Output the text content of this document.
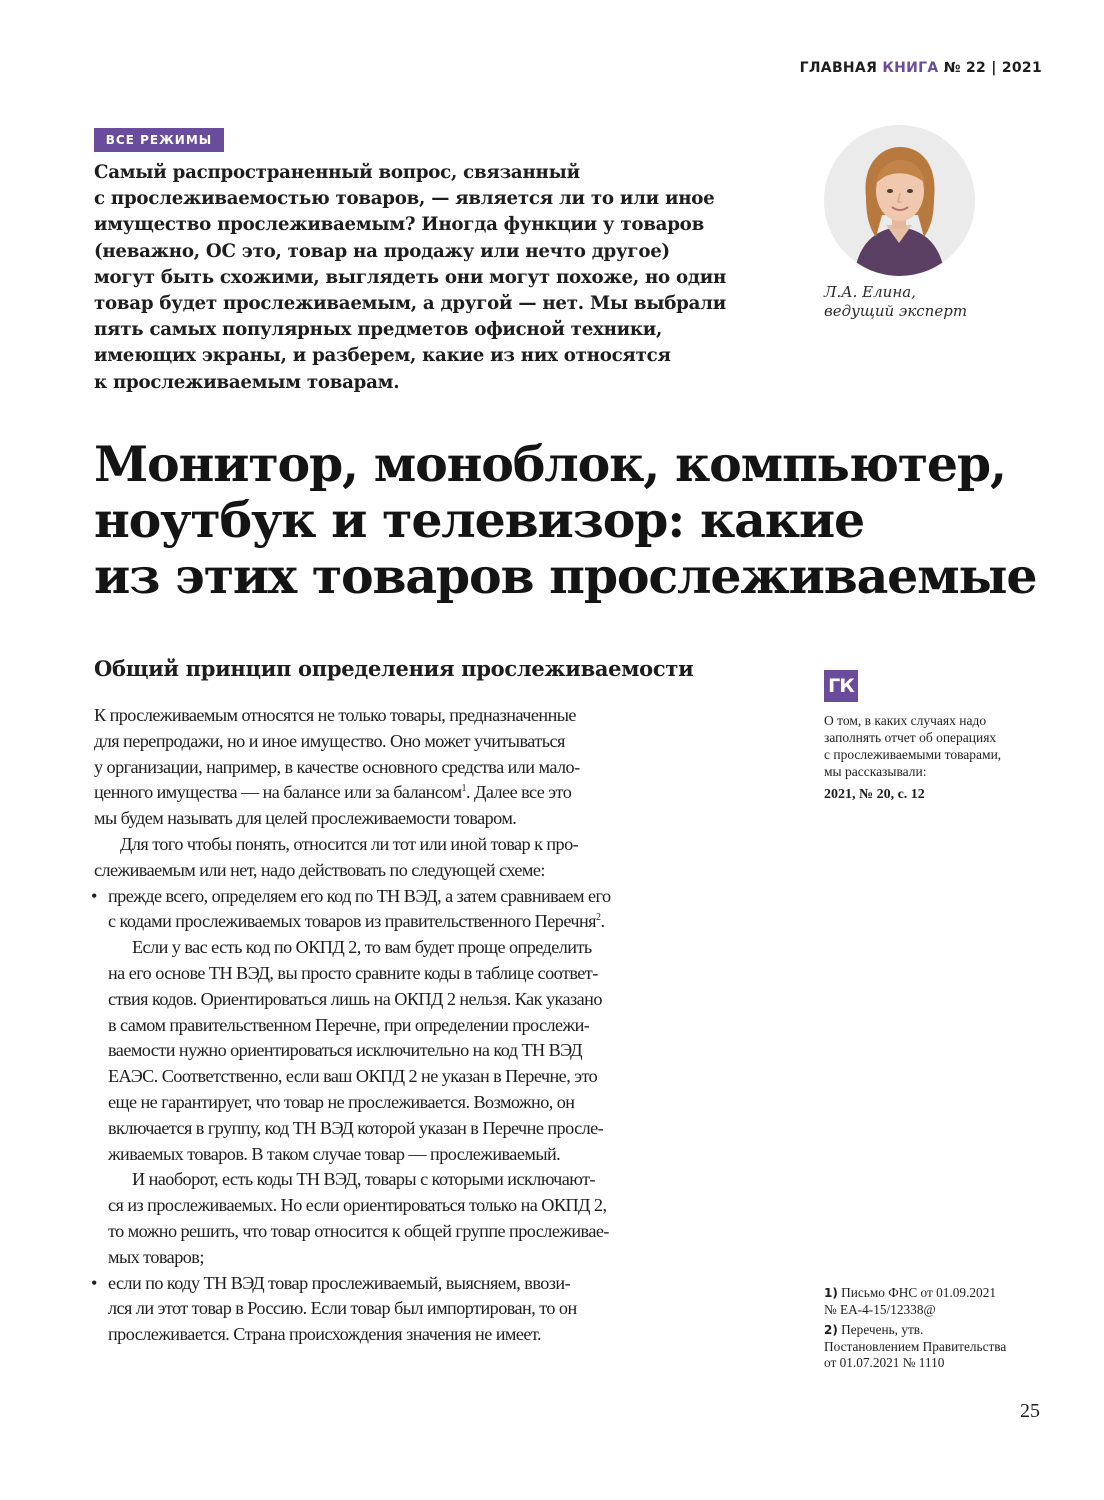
ГЛАВНАЯ КНИГА № 22 | 2021
ВСЕ РЕЖИМЫ
Самый распространенный вопрос, связанный
с прослеживаемостью товаров, — является ли то или иное
имущество прослеживаемым? Иногда функции у товаров
(неважно, ОС это, товар на продажу или нечто другое)
могут быть схожими, выглядеть они могут похоже, но один
товар будет прослеживаемым, а другой — нет. Мы выбрали
пять самых популярных предметов офисной техники,
имеющих экраны, и разберем, какие из них относятся
к прослеживаемым товарам.
Л.А. Елина,
ведущий эксперт
Монитор, моноблок, компьютер,
ноутбук и телевизор: какие
из этих товаров прослеживаемые
Общий принцип определения прослеживаемости
К прослеживаемым относятся не только товары, предназначенные
для перепродажи, но и иное имущество. Оно может учитываться
у организации, например, в качестве основного средства или мало-
ценного имущества — на балансе или за балансом$^1$. Далее все это
мы будем называть для целей прослеживаемости товаром.
Для того чтобы понять, относится ли тот или иной товар к про-
слеживаемым или нет, надо действовать по следующей схеме:
• прежде всего, определяем его код по ТН ВЭД, а затем сравниваем его
с кодами прослеживаемых товаров из правительственного Перечня$^2$.
Если у вас есть код по ОКПД 2, то вам будет проще определить
на его основе ТН ВЭД, вы просто сравните коды в таблице соответ-
ствия кодов. Ориентироваться лишь на ОКПД 2 нельзя. Как указано
в самом правительственном Перечне, при определении прослежи-
ваемости нужно ориентироваться исключительно на код ТН ВЭД
ЕАЭС. Соответственно, если ваш ОКПД 2 не указан в Перечне, это
еще не гарантирует, что товар не прослеживается. Возможно, он
включается в группу, код ТН ВЭД которой указан в Перечне просле-
живаемых товаров. В таком случае товар — прослеживаемый.
И наоборот, есть коды ТН ВЭД, товары с которыми исключают-
ся из прослеживаемых. Но если ориентироваться только на ОКПД 2,
то можно решить, что товар относится к общей группе прослеживае-
мых товаров;
• если по коду ТН ВЭД товар прослеживаемый, выясняем, ввози-
лся ли этот товар в Россию. Если товар был импортирован, то он
прослеживается. Страна происхождения значения не имеет.
ГК
О том, в каких случаях надо
заполнять отчет об операциях
с прослеживаемыми товарами,
мы рассказывали:
2021, № 20, с. 12
1) Письмо ФНС от 01.09.2021
№ ЕА-4-15/12338@
2) Перечень, утв.
Постановлением Правительства
от 01.07.2021 № 1110
25
